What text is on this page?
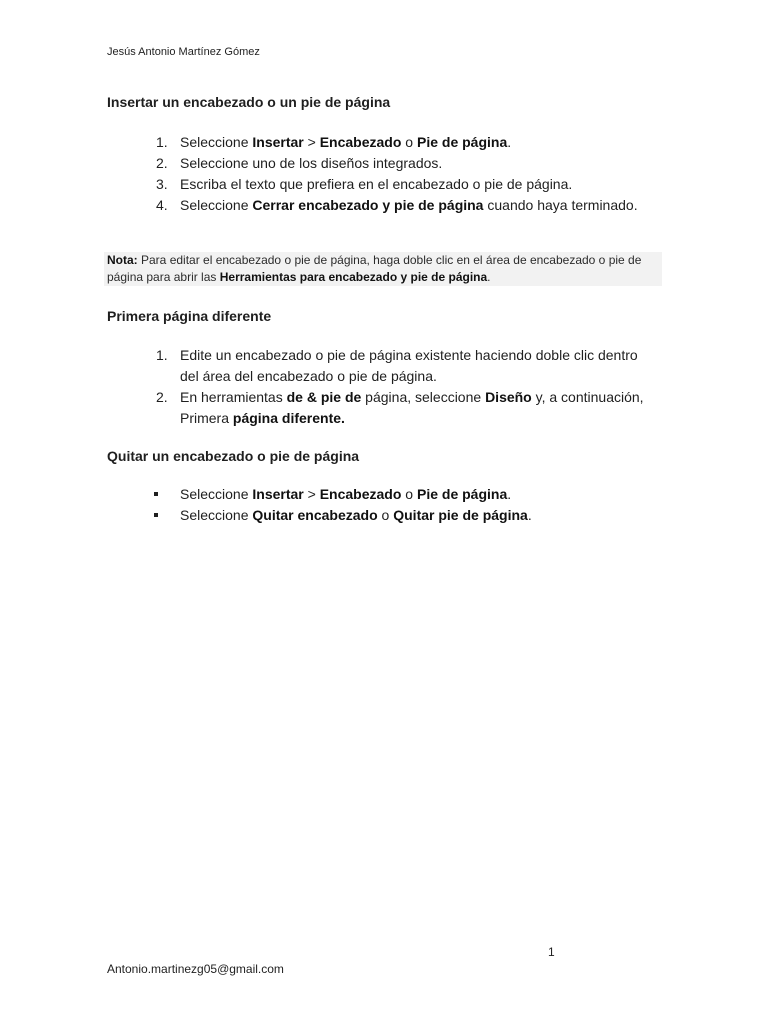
Jesús Antonio Martínez Gómez
Insertar un encabezado o un pie de página
1. Seleccione Insertar > Encabezado o Pie de página.
2. Seleccione uno de los diseños integrados.
3. Escriba el texto que prefiera en el encabezado o pie de página.
4. Seleccione Cerrar encabezado y pie de página cuando haya terminado.
Nota: Para editar el encabezado o pie de página, haga doble clic en el área de encabezado o pie de página para abrir las Herramientas para encabezado y pie de página.
Primera página diferente
1. Edite un encabezado o pie de página existente haciendo doble clic dentro del área del encabezado o pie de página.
2. En herramientas de & pie de página, seleccione Diseño y, a continuación, Primera página diferente.
Quitar un encabezado o pie de página
Seleccione Insertar > Encabezado o Pie de página.
Seleccione Quitar encabezado o Quitar pie de página.
1
Antonio.martinezg05@gmail.com
